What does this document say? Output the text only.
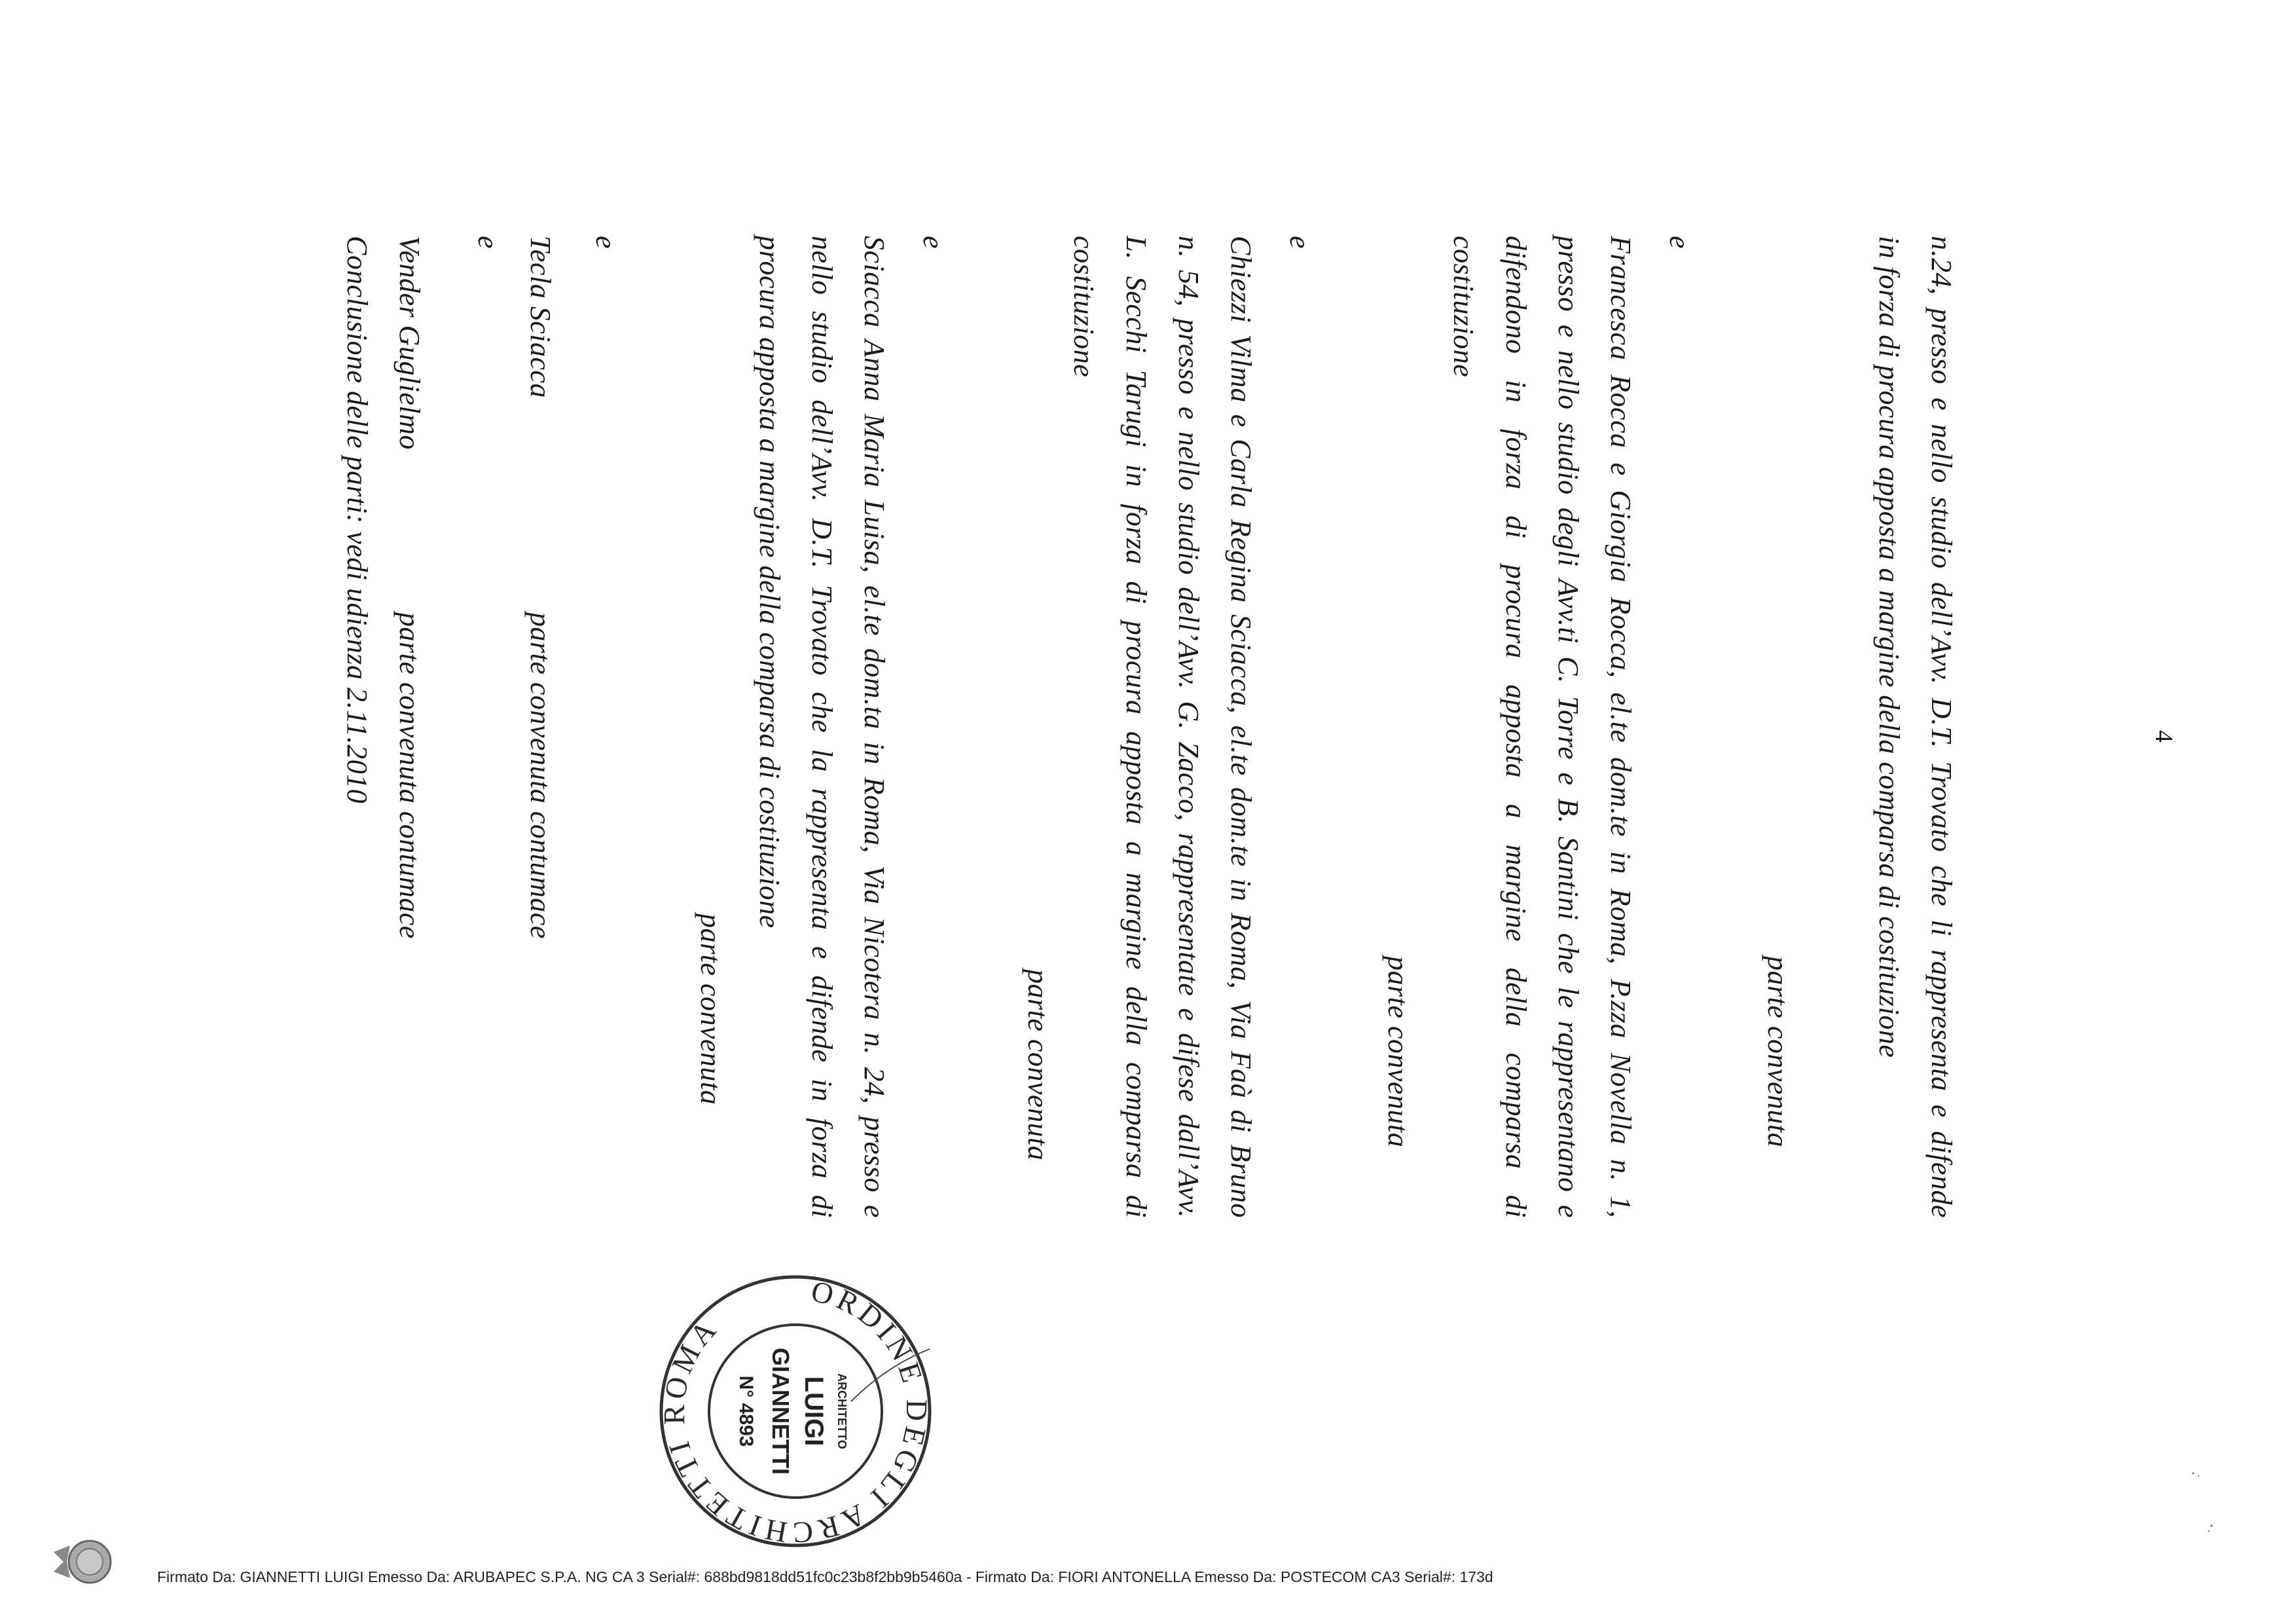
4
n.24, presso e nello studio dell’Avv. D.T. Trovato che li rappresenta e difende
in forza di procura apposta a margine della comparsa di costituzione
parte convenuta
e
Francesca Rocca e Giorgia Rocca, el.te dom.te in Roma, P.zza Novella n. 1,
presso e nello studio degli Avv.ti C. Torre e B. Santini che le rappresentano e
difendono in forza di procura apposta a margine della comparsa di
costituzione
parte convenuta
e
Chiezzi Vilma e Carla Regina Sciacca, el.te dom.te in Roma, Via Faà di Bruno
n. 54, presso e nello studio dell’Avv. G. Zacco, rappresentate e difese dall’Avv.
L. Secchi Tarugi in forza di procura apposta a margine della comparsa di
costituzione
parte convenuta
e
Sciacca Anna Maria Luisa, el.te dom.ta in Roma, Via Nicotera n. 24, presso e
nello studio dell’Avv. D.T. Trovato che la rappresenta e difende in forza di
procura apposta a margine della comparsa di costituzione
parte convenuta
e
Tecla Sciacca
parte convenuta contumace
e
Vender Guglielmo
parte convenuta contumace
Conclusione delle parti: vedi udienza 2.11.2010
ORDINE DEGLI ARCHITETTI ROMA
ARCHITETTO
LUIGI
GIANNETTI
N° 4893
Firmato Da: GIANNETTI LUIGI Emesso Da: ARUBAPEC S.P.A. NG CA 3 Serial#: 688bd9818dd51fc0c23b8f2bb9b5460a - Firmato Da: FIORI ANTONELLA Emesso Da: POSTECOM CA3 Serial#: 173d
